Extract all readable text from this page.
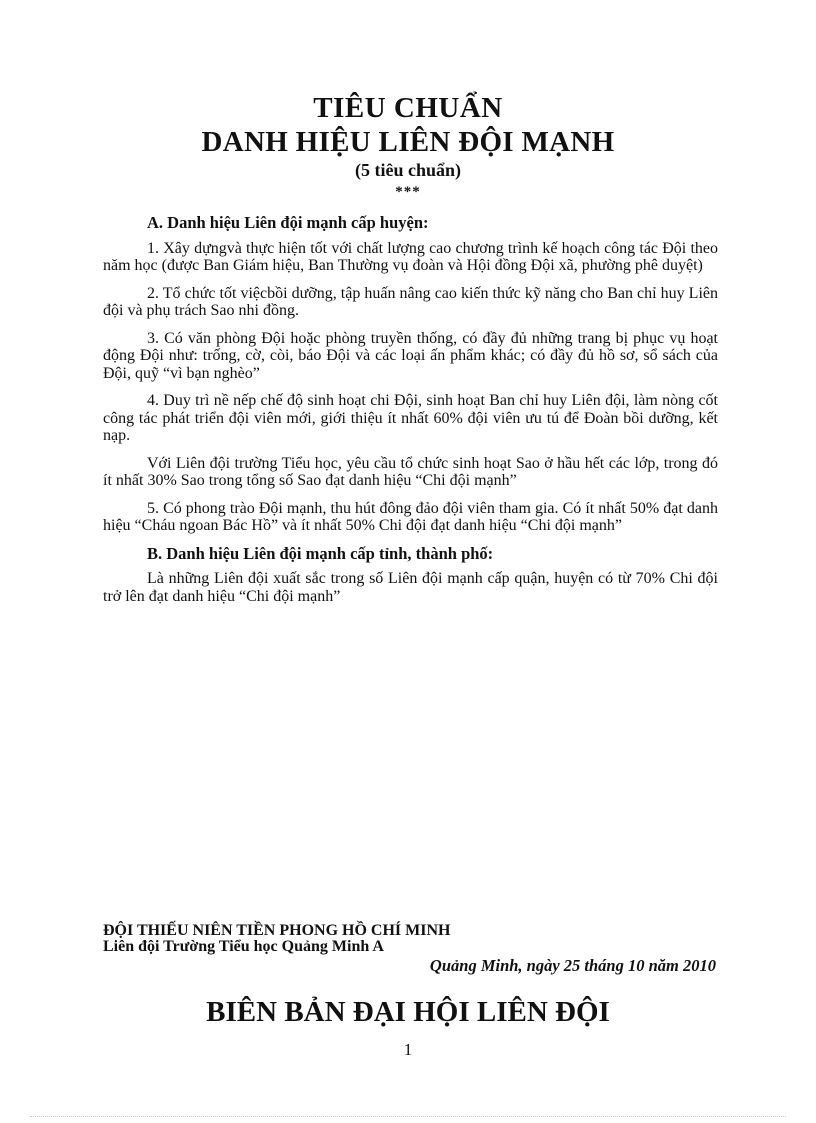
TIÊU CHUẨN
DANH HIỆU LIÊN ĐỘI MẠNH
(5 tiêu chuẩn)
***
A. Danh hiệu Liên đội mạnh cấp huyện:

1. Xây dựngvà thực hiện tốt với chất lượng cao chương trình kế hoạch công tác Đội theo năm học (được Ban Giám hiệu, Ban Thường vụ đoàn và Hội đồng Đội xã, phường phê duyệt)

2. Tổ chức tốt việcbồi dưỡng, tập huấn nâng cao kiến thức kỹ năng cho Ban chỉ huy Liên đội và phụ trách Sao nhi đồng.

3. Có văn phòng Đội hoặc phòng truyền thống, có đầy đủ những trang bị phục vụ hoạt động Đội như: trống, cờ, còi, báo Đội và các loại ấn phẩm khác; có đầy đủ hồ sơ, sổ sách của Đội, quỹ “vì bạn nghèo”

4. Duy trì nề nếp chế độ sinh hoạt chi Đội, sinh hoạt Ban chỉ huy Liên đội, làm nòng cốt công tác phát triển đội viên mới, giới thiệu ít nhất 60% đội viên ưu tú để Đoàn bồi dưỡng, kết nạp.

Với Liên đội trường Tiểu học, yêu cầu tổ chức sinh hoạt Sao ở hầu hết các lớp, trong đó ít nhất 30% Sao trong tổng số Sao đạt danh hiệu “Chi đội mạnh”

5. Có phong trào Đội mạnh, thu hút đông đảo đội viên tham gia. Có ít nhất 50% đạt danh hiệu “Cháu ngoan Bác Hồ” và ít nhất 50% Chi đội đạt danh hiệu “Chi đội mạnh”

B. Danh hiệu Liên đội mạnh cấp tỉnh, thành phố:

Là những Liên đội xuất sắc trong số Liên đội mạnh cấp quận, huyện có từ 70% Chi đội trở lên đạt danh hiệu “Chi đội mạnh”

ĐỘI THIẾU NIÊN TIỀN PHONG HỒ CHÍ MINH
Liên đội Trường Tiểu học Quảng Minh A
Quảng Minh, ngày 25 tháng 10 năm 2010
BIÊN BẢN ĐẠI HỘI LIÊN ĐỘI
1
